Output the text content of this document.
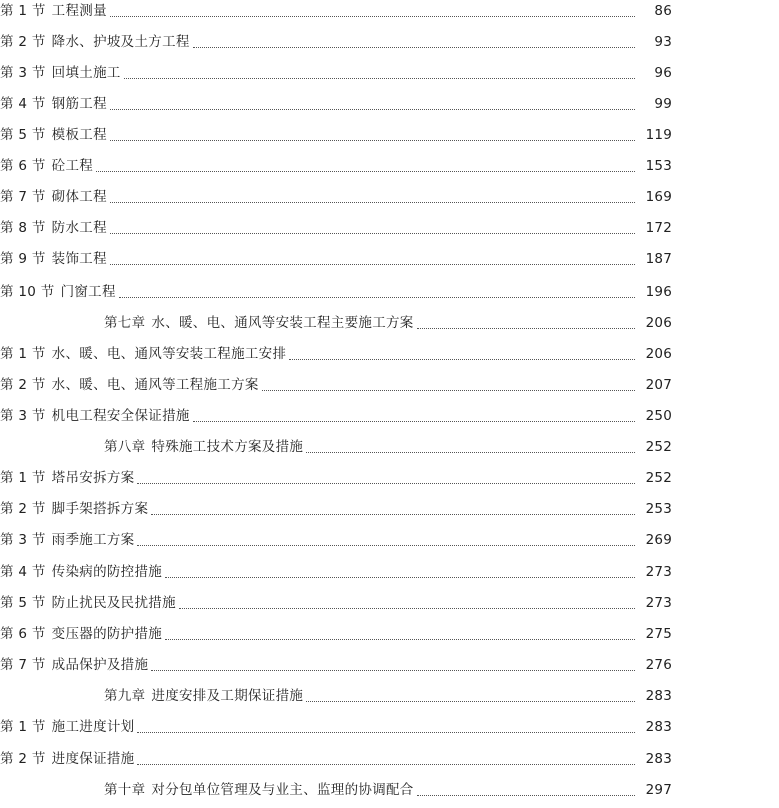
第 1 节 工程测量	86
第 2 节 降水、护坡及土方工程	93
第 3 节 回填土施工	96
第 4 节 钢筋工程	99
第 5 节 模板工程	119
第 6 节 砼工程	153
第 7 节 砌体工程	169
第 8 节 防水工程	172
第 9 节 装饰工程	187
第 10 节 门窗工程	196
第七章 水、暖、电、通风等安装工程主要施工方案	206
第 1 节 水、暖、电、通风等安装工程施工安排	206
第 2 节 水、暖、电、通风等工程施工方案	207
第 3 节 机电工程安全保证措施	250
第八章 特殊施工技术方案及措施	252
第 1 节 塔吊安拆方案	252
第 2 节 脚手架搭拆方案	253
第 3 节 雨季施工方案	269
第 4 节 传染病的防控措施	273
第 5 节 防止扰民及民扰措施	273
第 6 节 变压器的防护措施	275
第 7 节 成品保护及措施	276
第九章 进度安排及工期保证措施	283
第 1 节 施工进度计划	283
第 2 节 进度保证措施	283
第十章 对分包单位管理及与业主、监理的协调配合	297
